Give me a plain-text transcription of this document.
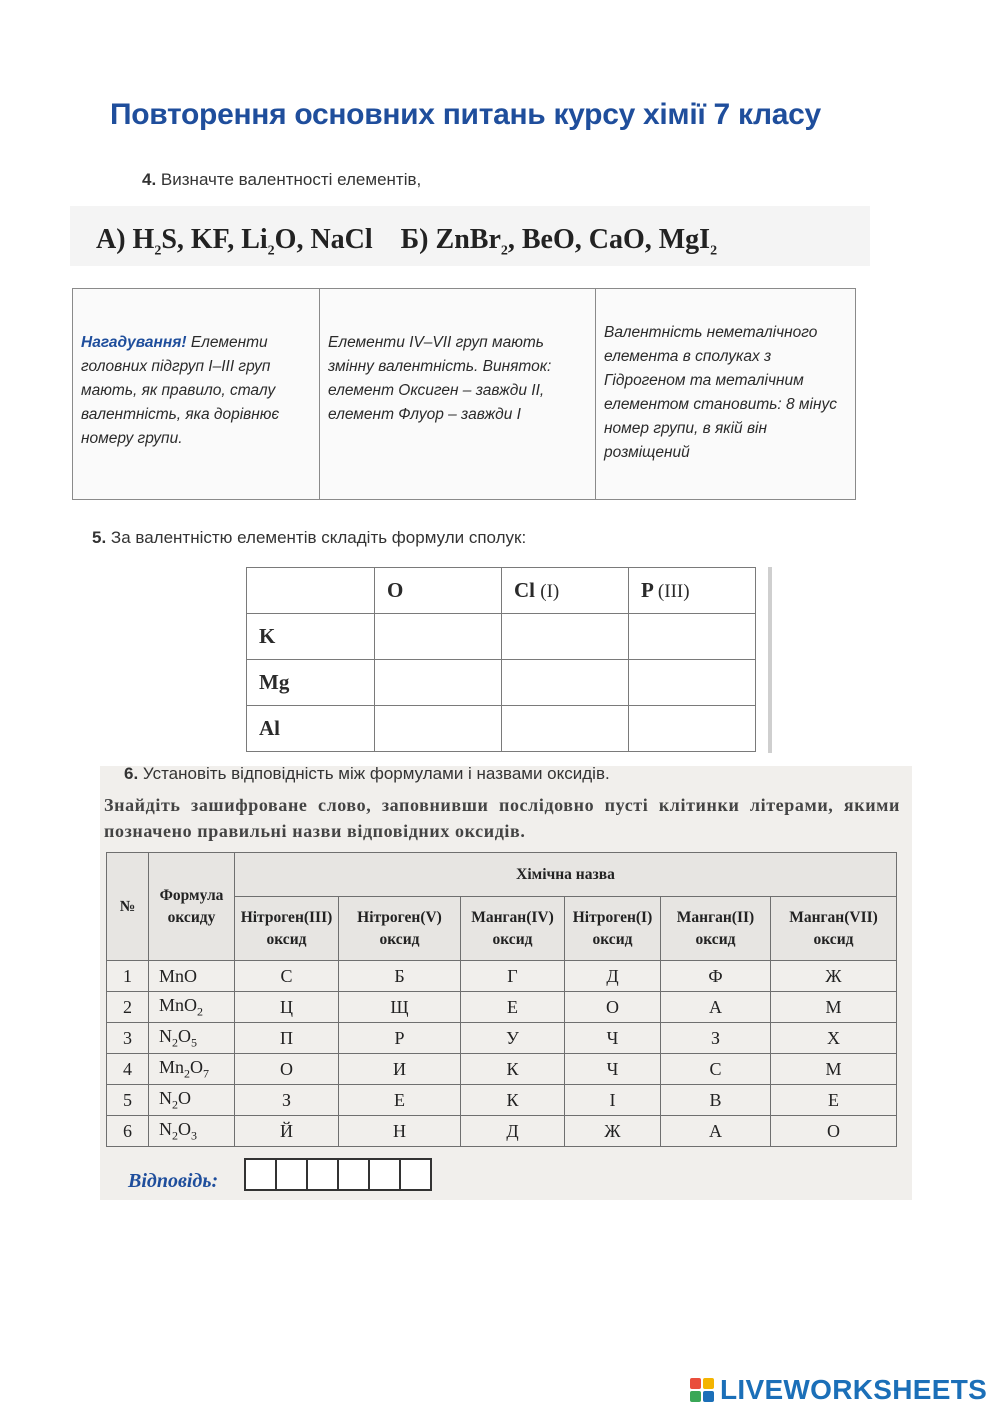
Повторення основних питань курсу хімії 7 класу
4. Визначте валентності елементів,
А) $H_2S$, KF, $Li_2O$, NaCl Б) ZnBr$_2$, BeO, CaO, MgI$_2$
Нагадування! Елементи головних підгруп I–III груп мають, як правило, сталу валентність, яка дорівнює номеру групи.
Елементи IV–VII груп мають змінну валентність. Виняток: елемент Оксиген – завжди II, елемент Флуор – завжди I
Валентність неметалічного елемента в сполуках з Гідрогеном та металічним елементом становить: 8 мінус номер групи, в якій він розміщений
5. За валентністю елементів складіть формули сполук:
	O	Cl (I)	P (III)
K			
Mg			
Al			
6. Установіть відповідність між формулами і назвами оксидів.
Знайдіть зашифроване слово, заповнивши послідовно пусті клітинки літерами, якими позначено правильні назви відповідних оксидів.
№	Формула оксиду	Хімічна назва					
		Нітроген(III) оксид	Нітроген(V) оксид	Манган(IV) оксид	Нітроген(I) оксид	Манган(II) оксид	Манган(VII) оксид
1	MnO	С	Б	Г	Д	Ф	Ж
2	MnO$_2$	Ц	Щ	Е	О	А	М
3	$N_2O_5$	П	Р	У	Ч	З	Х
4	$Mn_2O_7$	О	И	К	Ч	С	М
5	$N_2O$	З	Е	К	І	В	Е
6	$N_2O_3$	Й	Н	Д	Ж	А	О
Відповідь:
LIVEWORKSHEETS
